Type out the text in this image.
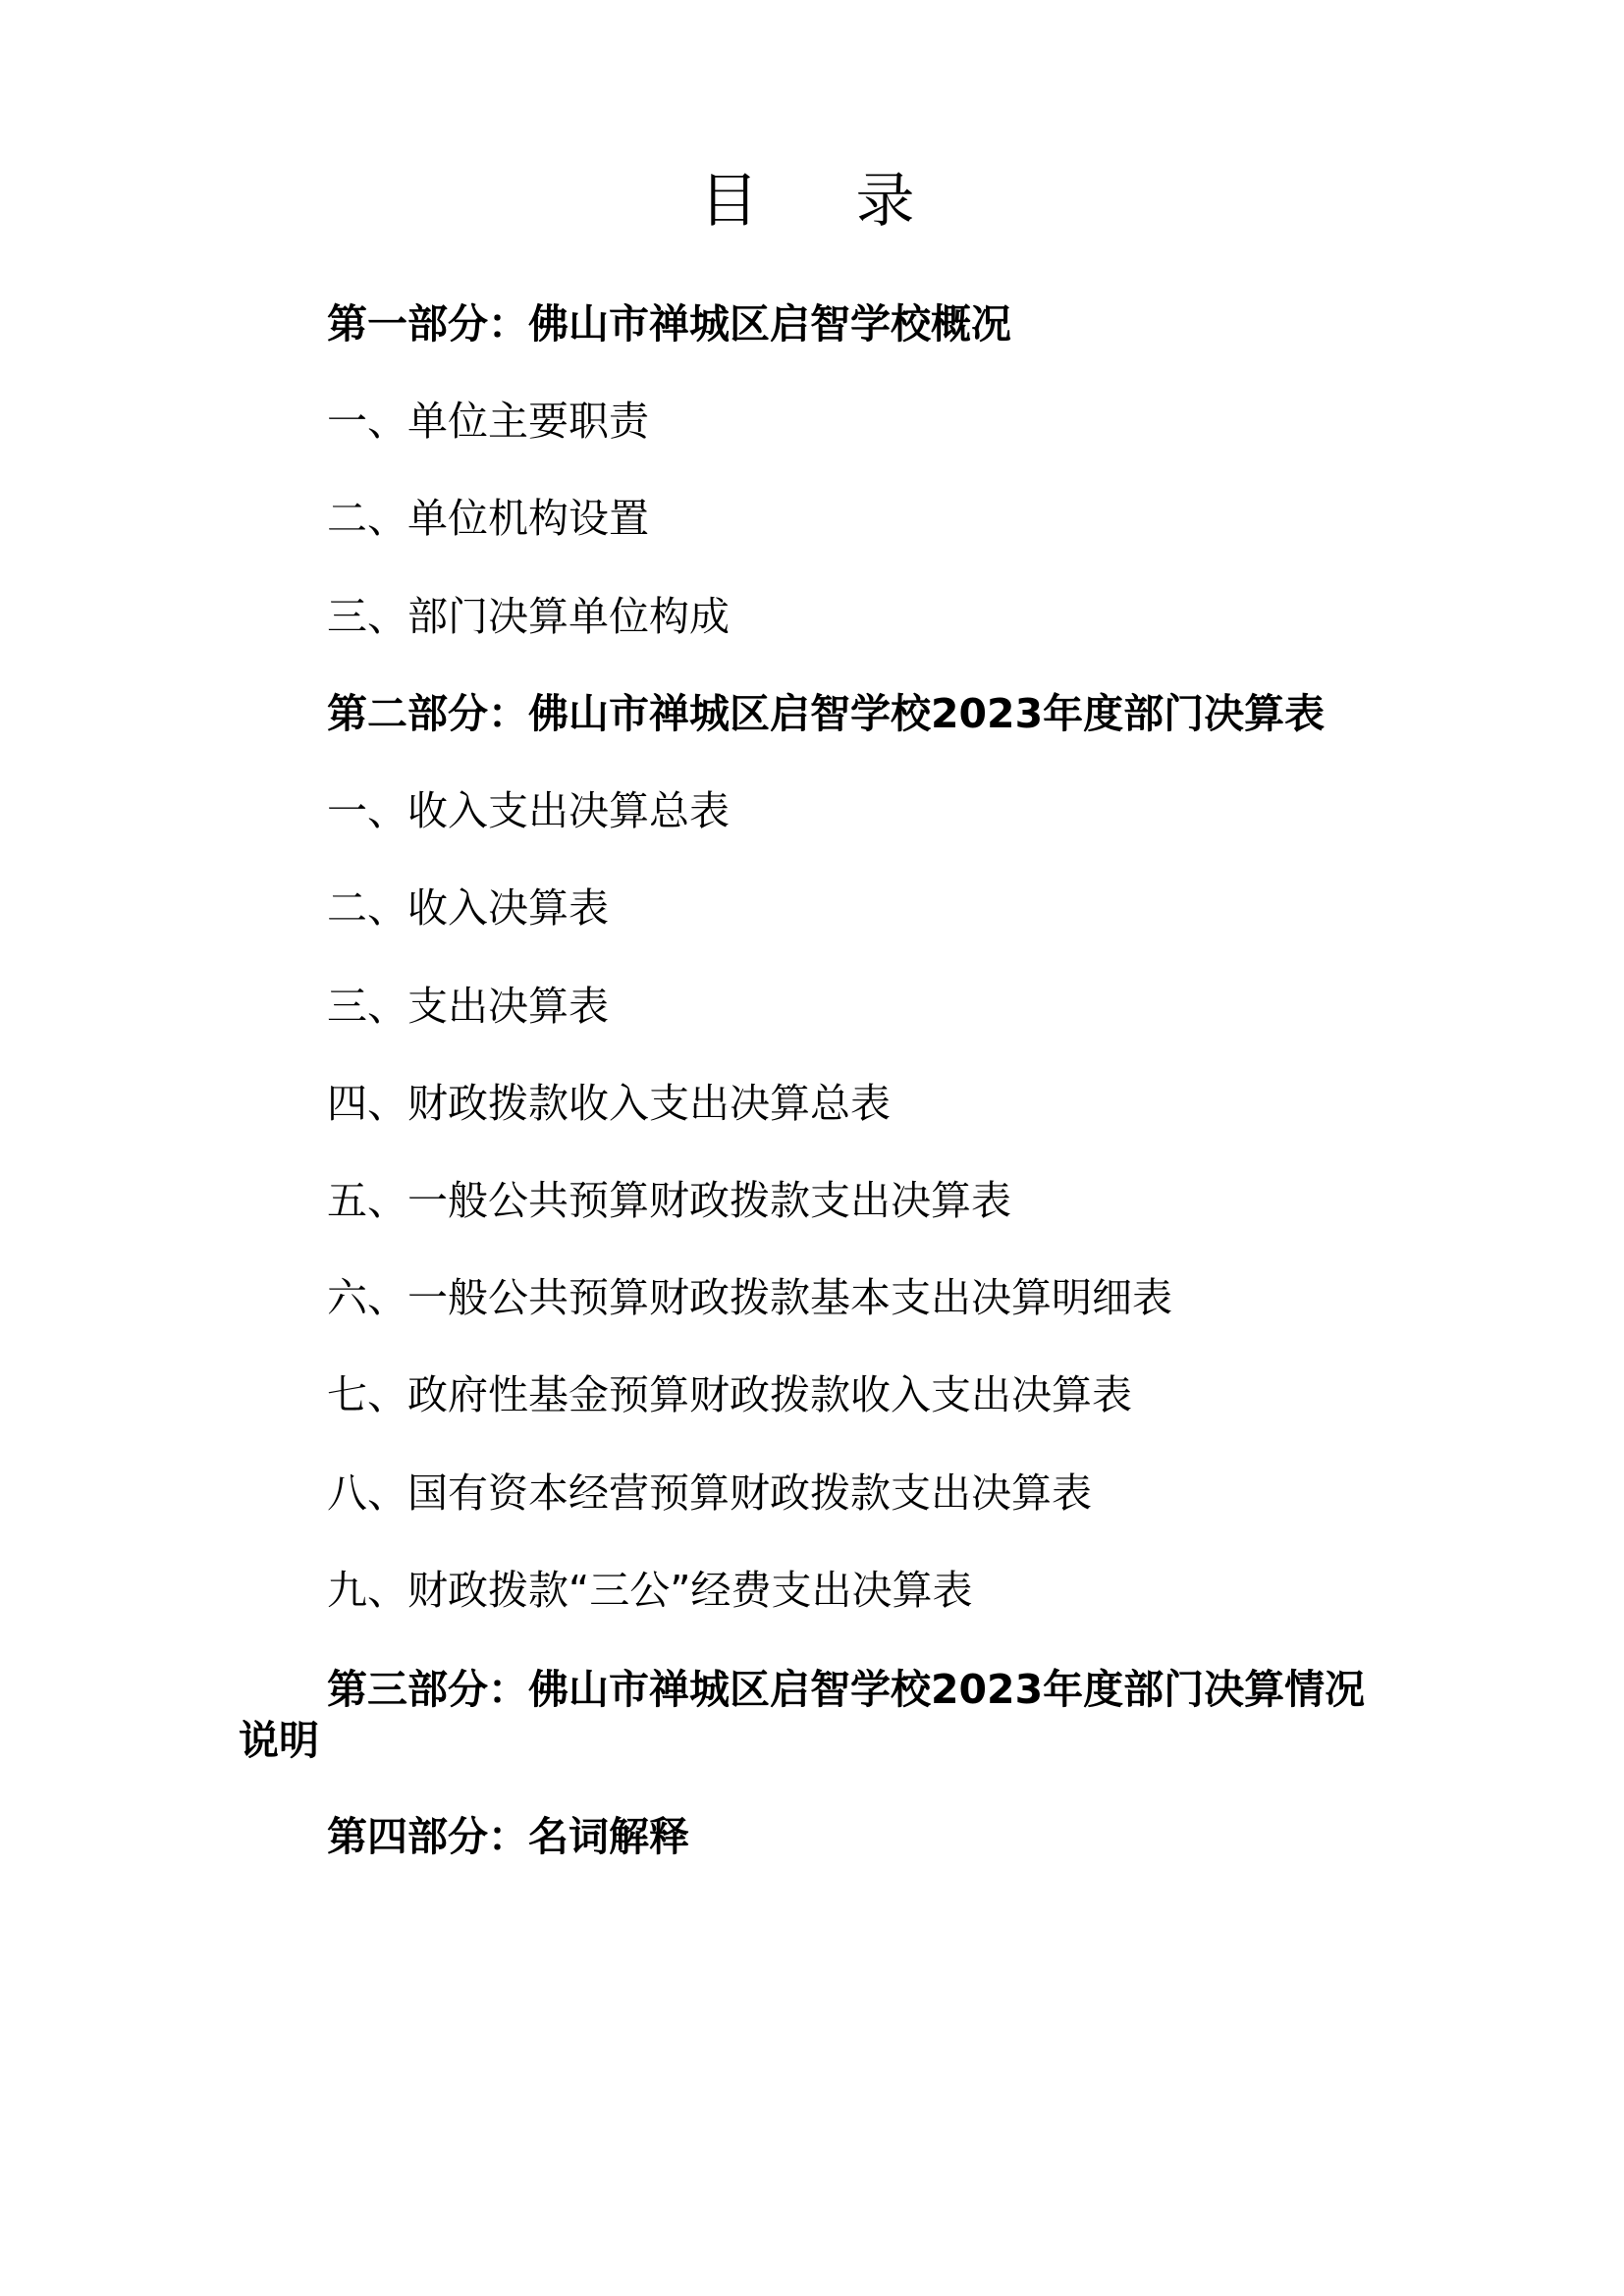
目 录
第一部分：佛山市禅城区启智学校概况
一、单位主要职责
二、单位机构设置
三、部门决算单位构成
第二部分：佛山市禅城区启智学校2023年度部门决算表
一、收入支出决算总表
二、收入决算表
三、支出决算表
四、财政拨款收入支出决算总表
五、一般公共预算财政拨款支出决算表
六、一般公共预算财政拨款基本支出决算明细表
七、政府性基金预算财政拨款收入支出决算表
八、国有资本经营预算财政拨款支出决算表
九、财政拨款“三公”经费支出决算表
第三部分：佛山市禅城区启智学校2023年度部门决算情况说明
第四部分：名词解释
